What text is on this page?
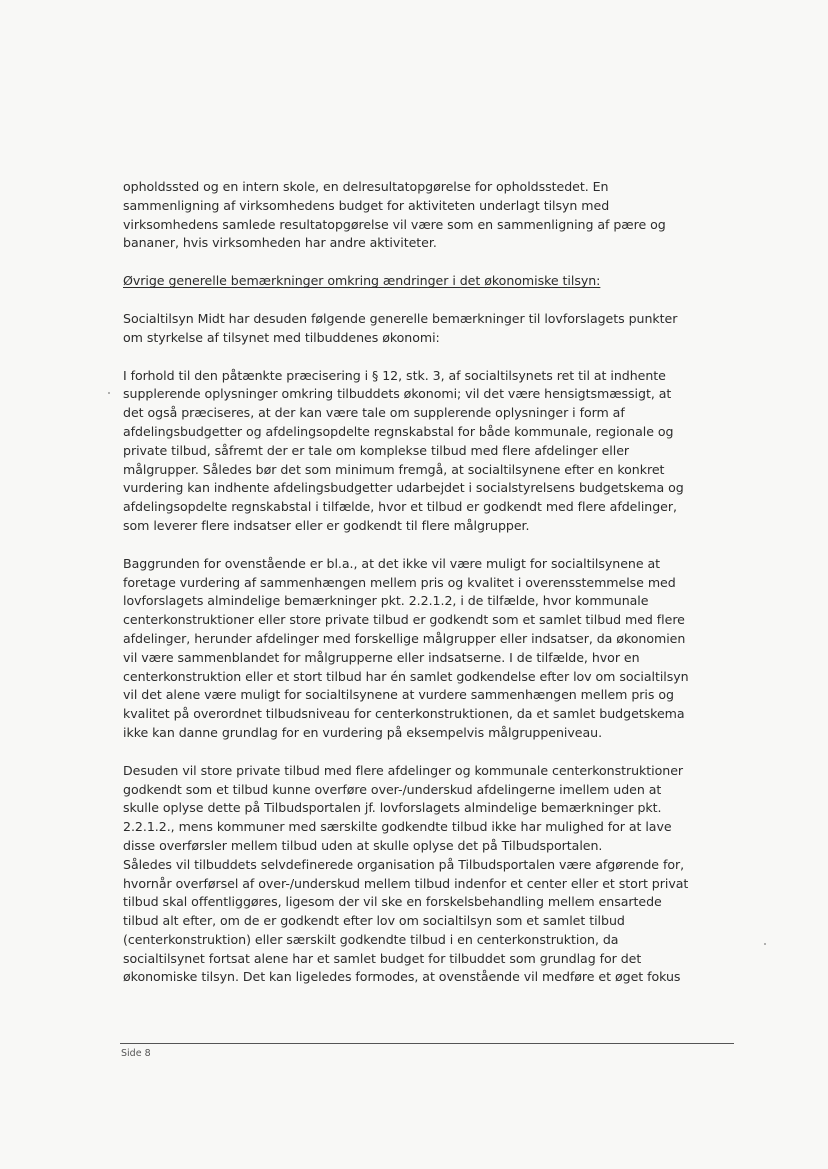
opholdssted og en intern skole, en delresultatopgørelse for opholdsstedet. En
sammenligning af virksomhedens budget for aktiviteten underlagt tilsyn med
virksomhedens samlede resultatopgørelse vil være som en sammenligning af pære og
bananer, hvis virksomheden har andre aktiviteter.

Øvrige generelle bemærkninger omkring ændringer i det økonomiske tilsyn:

Socialtilsyn Midt har desuden følgende generelle bemærkninger til lovforslagets punkter
om styrkelse af tilsynet med tilbuddenes økonomi:

I forhold til den påtænkte præcisering i § 12, stk. 3, af socialtilsynets ret til at indhente
supplerende oplysninger omkring tilbuddets økonomi; vil det være hensigtsmæssigt, at
det også præciseres, at der kan være tale om supplerende oplysninger i form af
afdelingsbudgetter og afdelingsopdelte regnskabstal for både kommunale, regionale og
private tilbud, såfremt der er tale om komplekse tilbud med flere afdelinger eller
målgrupper. Således bør det som minimum fremgå, at socialtilsynene efter en konkret
vurdering kan indhente afdelingsbudgetter udarbejdet i socialstyrelsens budgetskema og
afdelingsopdelte regnskabstal i tilfælde, hvor et tilbud er godkendt med flere afdelinger,
som leverer flere indsatser eller er godkendt til flere målgrupper.

Baggrunden for ovenstående er bl.a., at det ikke vil være muligt for socialtilsynene at
foretage vurdering af sammenhængen mellem pris og kvalitet i overensstemmelse med
lovforslagets almindelige bemærkninger pkt. 2.2.1.2, i de tilfælde, hvor kommunale
centerkonstruktioner eller store private tilbud er godkendt som et samlet tilbud med flere
afdelinger, herunder afdelinger med forskellige målgrupper eller indsatser, da økonomien
vil være sammenblandet for målgrupperne eller indsatserne. I de tilfælde, hvor en
centerkonstruktion eller et stort tilbud har én samlet godkendelse efter lov om socialtilsyn
vil det alene være muligt for socialtilsynene at vurdere sammenhængen mellem pris og
kvalitet på overordnet tilbudsniveau for centerkonstruktionen, da et samlet budgetskema
ikke kan danne grundlag for en vurdering på eksempelvis målgruppeniveau.

Desuden vil store private tilbud med flere afdelinger og kommunale centerkonstruktioner
godkendt som et tilbud kunne overføre over-/underskud afdelingerne imellem uden at
skulle oplyse dette på Tilbudsportalen jf. lovforslagets almindelige bemærkninger pkt.
2.2.1.2., mens kommuner med særskilte godkendte tilbud ikke har mulighed for at lave
disse overførsler mellem tilbud uden at skulle oplyse det på Tilbudsportalen.
Således vil tilbuddets selvdefinerede organisation på Tilbudsportalen være afgørende for,
hvornår overførsel af over-/underskud mellem tilbud indenfor et center eller et stort privat
tilbud skal offentliggøres, ligesom der vil ske en forskelsbehandling mellem ensartede
tilbud alt efter, om de er godkendt efter lov om socialtilsyn som et samlet tilbud
(centerkonstruktion) eller særskilt godkendte tilbud i en centerkonstruktion, da
socialtilsynet fortsat alene har et samlet budget for tilbuddet som grundlag for det
økonomiske tilsyn. Det kan ligeledes formodes, at ovenstående vil medføre et øget fokus

Side 8
